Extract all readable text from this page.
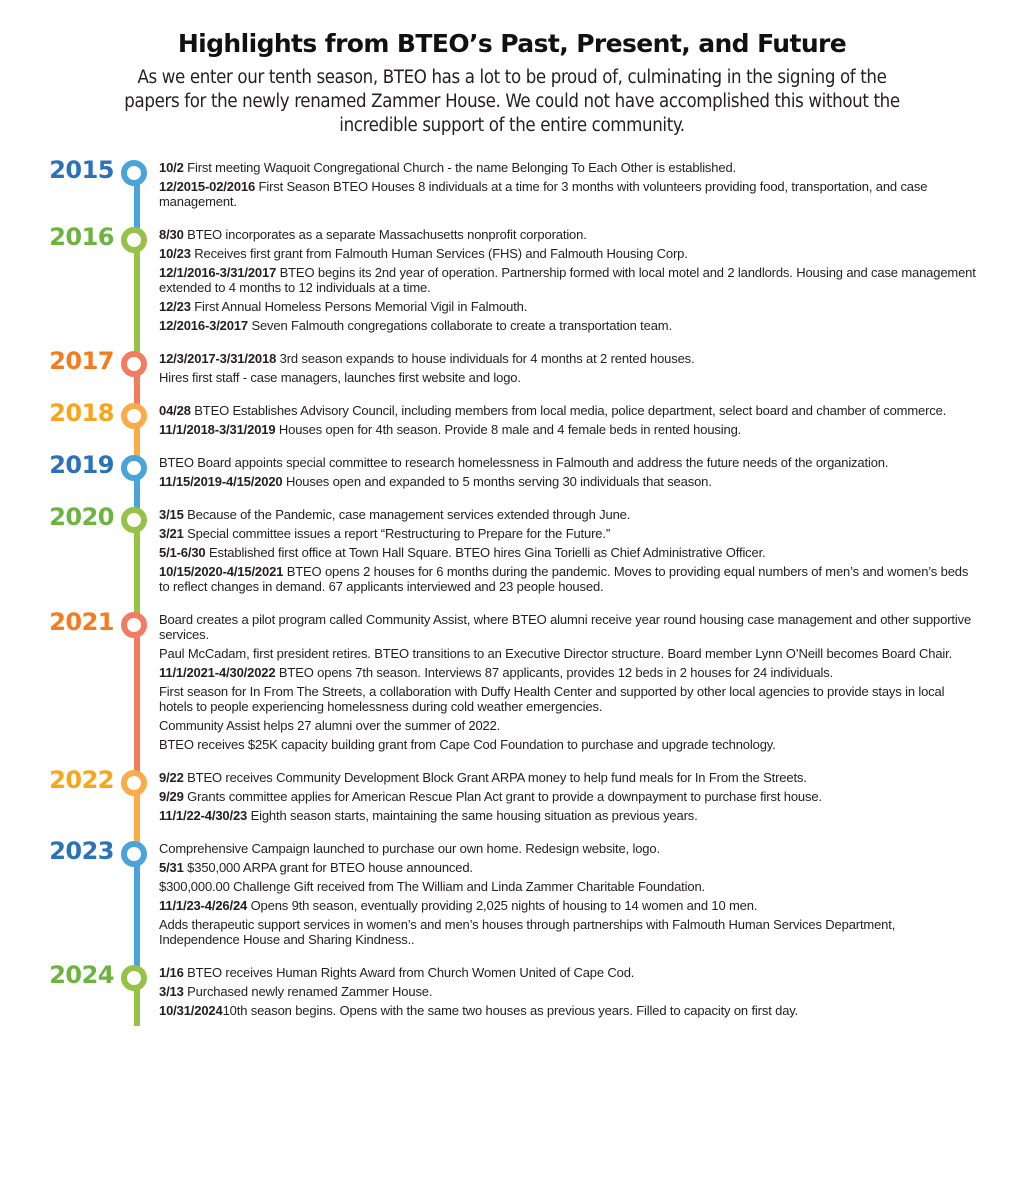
Highlights from BTEO’s Past, Present, and Future

As we enter our tenth season, BTEO has a lot to be proud of, culminating in the signing of the papers for the newly renamed Zammer House. We could not have accomplished this without the incredible support of the entire community.

2015	10/2 First meeting Waquoit Congregational Church - the name Belonging To Each Other is established.
12/2015-02/2016 First Season BTEO Houses 8 individuals at a time for 3 months with volunteers providing food, transportation, and case management.
2016	8/30 BTEO incorporates as a separate Massachusetts nonprofit corporation.
10/23 Receives first grant from Falmouth Human Services (FHS) and Falmouth Housing Corp.
12/1/2016-3/31/2017 BTEO begins its 2nd year of operation. Partnership formed with local motel and 2 landlords. Housing and case management extended to 4 months to 12 individuals at a time.
12/23 First Annual Homeless Persons Memorial Vigil in Falmouth.
12/2016-3/2017 Seven Falmouth congregations collaborate to create a transportation team.
2017	12/3/2017-3/31/2018 3rd season expands to house individuals for 4 months at 2 rented houses.
Hires first staff - case managers, launches first website and logo.
2018	04/28 BTEO Establishes Advisory Council, including members from local media, police department, select board and chamber of commerce.
11/1/2018-3/31/2019 Houses open for 4th season. Provide 8 male and 4 female beds in rented housing.
2019	BTEO Board appoints special committee to research homelessness in Falmouth and address the future needs of the organization.
11/15/2019-4/15/2020 Houses open and expanded to 5 months serving 30 individuals that season.
2020	3/15 Because of the Pandemic, case management services extended through June.
3/21 Special committee issues a report “Restructuring to Prepare for the Future.”
5/1-6/30 Established first office at Town Hall Square. BTEO hires Gina Torielli as Chief Administrative Officer.
10/15/2020-4/15/2021 BTEO opens 2 houses for 6 months during the pandemic. Moves to providing equal numbers of men’s and women’s beds to reflect changes in demand. 67 applicants interviewed and 23 people housed.
2021	Board creates a pilot program called Community Assist, where BTEO alumni receive year round housing case management and other supportive services.
Paul McCadam, first president retires. BTEO transitions to an Executive Director structure. Board member Lynn O’Neill becomes Board Chair.
11/1/2021-4/30/2022 BTEO opens 7th season. Interviews 87 applicants, provides 12 beds in 2 houses for 24 individuals.
First season for In From The Streets, a collaboration with Duffy Health Center and supported by other local agencies to provide stays in local hotels to people experiencing homelessness during cold weather emergencies.
Community Assist helps 27 alumni over the summer of 2022.
BTEO receives $25K capacity building grant from Cape Cod Foundation to purchase and upgrade technology.
2022	9/22 BTEO receives Community Development Block Grant ARPA money to help fund meals for In From the Streets.
9/29 Grants committee applies for American Rescue Plan Act grant to provide a downpayment to purchase first house.
11/1/22-4/30/23 Eighth season starts, maintaining the same housing situation as previous years.
2023	Comprehensive Campaign launched to purchase our own home. Redesign website, logo.
5/31 $350,000 ARPA grant for BTEO house announced.
$300,000.00 Challenge Gift received from The William and Linda Zammer Charitable Foundation.
11/1/23-4/26/24 Opens 9th season, eventually providing 2,025 nights of housing to 14 women and 10 men.
Adds therapeutic support services in women’s and men’s houses through partnerships with Falmouth Human Services Department, Independence House and Sharing Kindness..
2024	1/16 BTEO receives Human Rights Award from Church Women United of Cape Cod.
3/13 Purchased newly renamed Zammer House.
10/31/202410th season begins. Opens with the same two houses as previous years. Filled to capacity on first day.
